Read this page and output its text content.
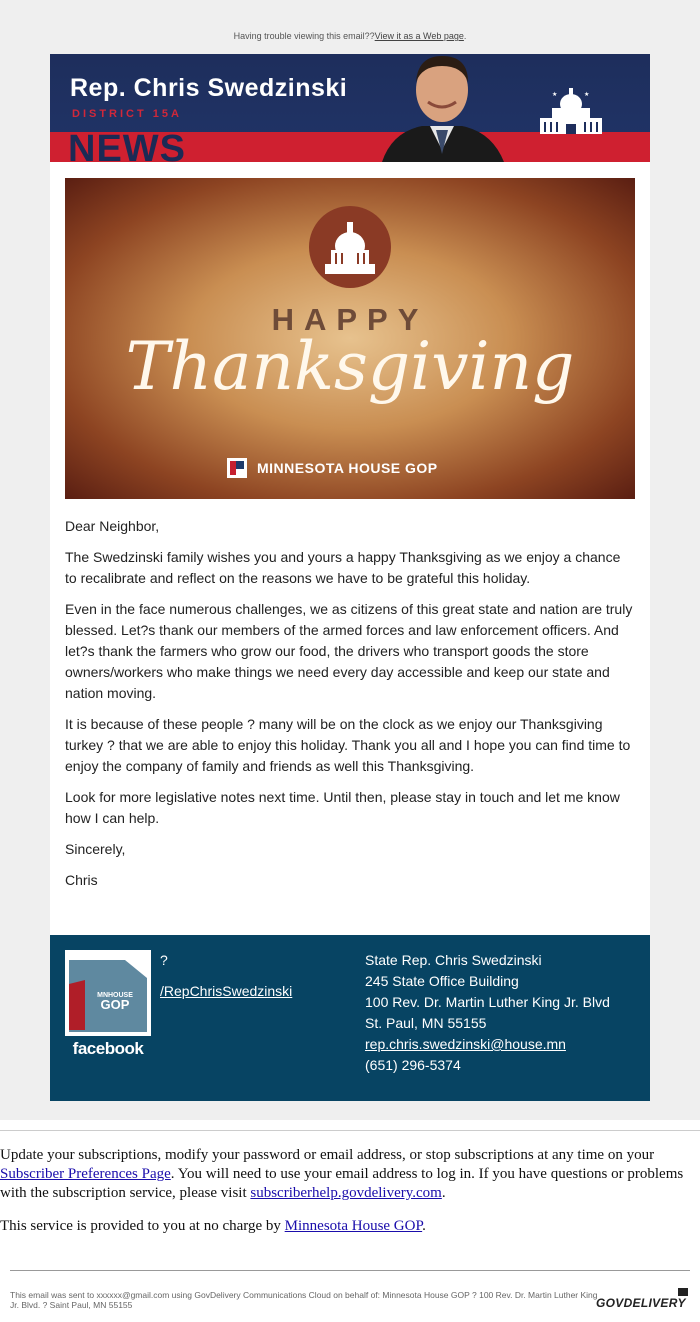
Having trouble viewing this email??View it as a Web page.
Rep. Chris Swedzinski
DISTRICT 15A
NEWS
★	★
HAPPY
Thanksgiving
MINNESOTA HOUSE GOP

Dear Neighbor,

The Swedzinski family wishes you and yours a happy Thanksgiving as we enjoy a chance to recalibrate and reflect on the reasons we have to be grateful this holiday.

Even in the face numerous challenges, we as citizens of this great state and nation are truly blessed. Let?s thank our members of the armed forces and law enforcement officers. And let?s thank the farmers who grow our food, the drivers who transport goods the store owners/workers who make things we need every day accessible and keep our state and nation moving.

It is because of these people ? many will be on the clock as we enjoy our Thanksgiving turkey ? that we are able to enjoy this holiday. Thank you all and I hope you can find time to enjoy the company of family and friends as well this Thanksgiving.

Look for more legislative notes next time. Until then, please stay in touch and let me know how I can help.

Sincerely,

Chris

MNHOUSE
GOP
facebook
?
/RepChrisSwedzinski
State Rep. Chris Swedzinski
245 State Office Building
100 Rev. Dr. Martin Luther King Jr. Blvd
St. Paul, MN 55155
rep.chris.swedzinski@house.mn
(651) 296-5374

Update your subscriptions, modify your password or email address, or stop subscriptions at any time on your Subscriber Preferences Page. You will need to use your email address to log in. If you have questions or problems with the subscription service, please visit subscriberhelp.govdelivery.com.

This service is provided to you at no charge by Minnesota House GOP.

This email was sent to xxxxxx@gmail.com using GovDelivery Communications Cloud on behalf of: Minnesota House GOP ? 100 Rev. Dr. Martin Luther King Jr. Blvd. ? Saint Paul, MN 55155	GOVDELIVERY
